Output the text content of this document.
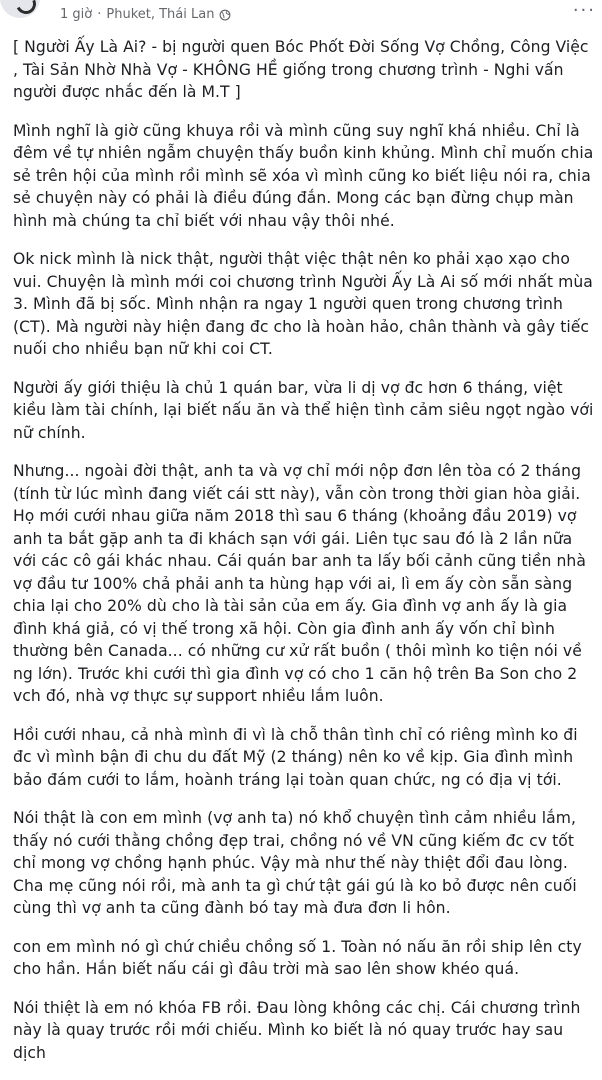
1 giờ · Phuket, Thái Lan	···

[ Người Ấy Là Ai? - bị người quen Bóc Phốt Đời Sống Vợ Chồng, Công Việc , Tài Sản Nhờ Nhà Vợ - KHÔNG HỀ giống trong chương trình - Nghi vấn người được nhắc đến là M.T ]

Mình nghĩ là giờ cũng khuya rồi và mình cũng suy nghĩ khá nhiều. Chỉ là đêm về tự nhiên ngẫm chuyện thấy buồn kinh khủng. Mình chỉ muốn chia sẻ trên hội của mình rồi mình sẽ xóa vì mình cũng ko biết liệu nói ra, chia sẻ chuyện này có phải là điều đúng đắn. Mong các bạn đừng chụp màn hình mà chúng ta chỉ biết với nhau vậy thôi nhé.

Ok nick mình là nick thật, người thật việc thật nên ko phải xạo xạo cho vui. Chuyện là mình mới coi chương trình Người Ấy Là Ai số mới nhất mùa 3. Mình đã bị sốc. Mình nhận ra ngay 1 người quen trong chương trình (CT). Mà người này hiện đang đc cho là hoàn hảo, chân thành và gây tiếc nuối cho nhiều bạn nữ khi coi CT.

Người ấy giới thiệu là chủ 1 quán bar, vừa li dị vợ đc hơn 6 tháng, việt kiều làm tài chính, lại biết nấu ăn và thể hiện tình cảm siêu ngọt ngào với nữ chính.

Nhưng... ngoài đời thật, anh ta và vợ chỉ mới nộp đơn lên tòa có 2 tháng (tính từ lúc mình đang viết cái stt này), vẫn còn trong thời gian hòa giải. Họ mới cưới nhau giữa năm 2018 thì sau 6 tháng (khoảng đầu 2019) vợ anh ta bắt gặp anh ta đi khách sạn với gái. Liên tục sau đó là 2 lần nữa với các cô gái khác nhau. Cái quán bar anh ta lấy bối cảnh cũng tiền nhà vợ đầu tư 100% chả phải anh ta hùng hạp với ai, lì em ấy còn sẵn sàng chia lại cho 20% dù cho là tài sản của em ấy. Gia đình vợ anh ấy là gia đình khá giả, có vị thế trong xã hội. Còn gia đình anh ấy vốn chỉ bình thường bên Canada... có những cư xử rất buồn ( thôi mình ko tiện nói về ng lớn). Trước khi cưới thì gia đình vợ có cho 1 căn hộ trên Ba Son cho 2 vch đó, nhà vợ thực sự support nhiều lắm luôn.

Hồi cưới nhau, cả nhà mình đi vì là chỗ thân tình chỉ có riêng mình ko đi đc vì mình bận đi chu du đất Mỹ (2 tháng) nên ko về kịp. Gia đình mình bảo đám cưới to lắm, hoành tráng lại toàn quan chức, ng có địa vị tới.

Nói thật là con em mình (vợ anh ta) nó khổ chuyện tình cảm nhiều lắm, thấy nó cưới thằng chồng đẹp trai, chồng nó về VN cũng kiếm đc cv tốt chỉ mong vợ chồng hạnh phúc. Vậy mà như thế này thiệt đổi đau lòng. Cha mẹ cũng nói rồi, mà anh ta gì chứ tật gái gú là ko bỏ được nên cuối cùng thì vợ anh ta cũng đành bó tay mà đưa đơn li hôn.

con em mình nó gì chứ chiều chồng số 1. Toàn nó nấu ăn rồi ship lên cty cho hần. Hắn biết nấu cái gì đâu trời mà sao lên show khéo quá.

Nói thiệt là em nó khóa FB rồi. Đau lòng không các chị. Cái chương trình này là quay trước rồi mới chiếu. Mình ko biết là nó quay trước hay sau dịch
